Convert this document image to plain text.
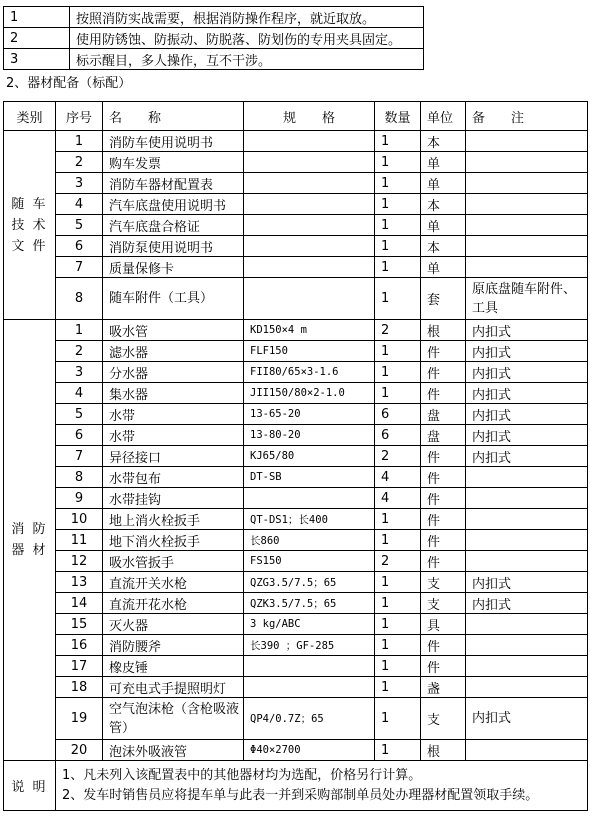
1	按照消防实战需要，根据消防操作程序，就近取放。
2	使用防锈蚀、防振动、防脱落、防划伤的专用夹具固定。
3	标示醒目，多人操作，互不干涉。
2、器材配备（标配）
类别	序号	名　　称	规　　格	数量	单位	备　　注
随 车 技 术 文 件	1	消防车使用说明书		1	本	
	2	购车发票		1	单	
	3	消防车器材配置表		1	单	
	4	汽车底盘使用说明书		1	本	
	5	汽车底盘合格证		1	单	
	6	消防泵使用说明书		1	本	
	7	质量保修卡		1	单	
	8	随车附件（工具）		1	套	原底盘随车附件、工具
消 防 器 材	1	吸水管	KD150×4 m	2	根	内扣式
	2	滤水器	FLF150	1	件	内扣式
	3	分水器	FII80/65×3-1.6	1	件	内扣式
	4	集水器	JII150/80×2-1.0	1	件	内扣式
	5	水带	13-65-20	6	盘	内扣式
	6	水带	13-80-20	6	盘	内扣式
	7	异径接口	KJ65/80	2	件	内扣式
	8	水带包布	DT-SB	4	件	
	9	水带挂钩		4	件	
	10	地上消火栓扳手	QT-DS1；长400	1	件	
	11	地下消火栓扳手	长860	1	件	
	12	吸水管扳手	FS150	2	件	
	13	直流开关水枪	QZG3.5/7.5；65	1	支	内扣式
	14	直流开花水枪	QZK3.5/7.5；65	1	支	内扣式
	15	灭火器	3 kg/ABC	1	具	
	16	消防腰斧	长390 ；GF-285	1	件	
	17	橡皮锤		1	件	
	18	可充电式手提照明灯		1	盏	
	19	空气泡沫枪（含枪吸液管）	QP4/0.7Z；65	1	支	内扣式
	20	泡沫外吸液管	Φ40×2700	1	根	
说 明	1、凡未列入该配置表中的其他器材均为选配，价格另行计算。
2、发车时销售员应将提车单与此表一并到采购部制单员处办理器材配置领取手续。					
